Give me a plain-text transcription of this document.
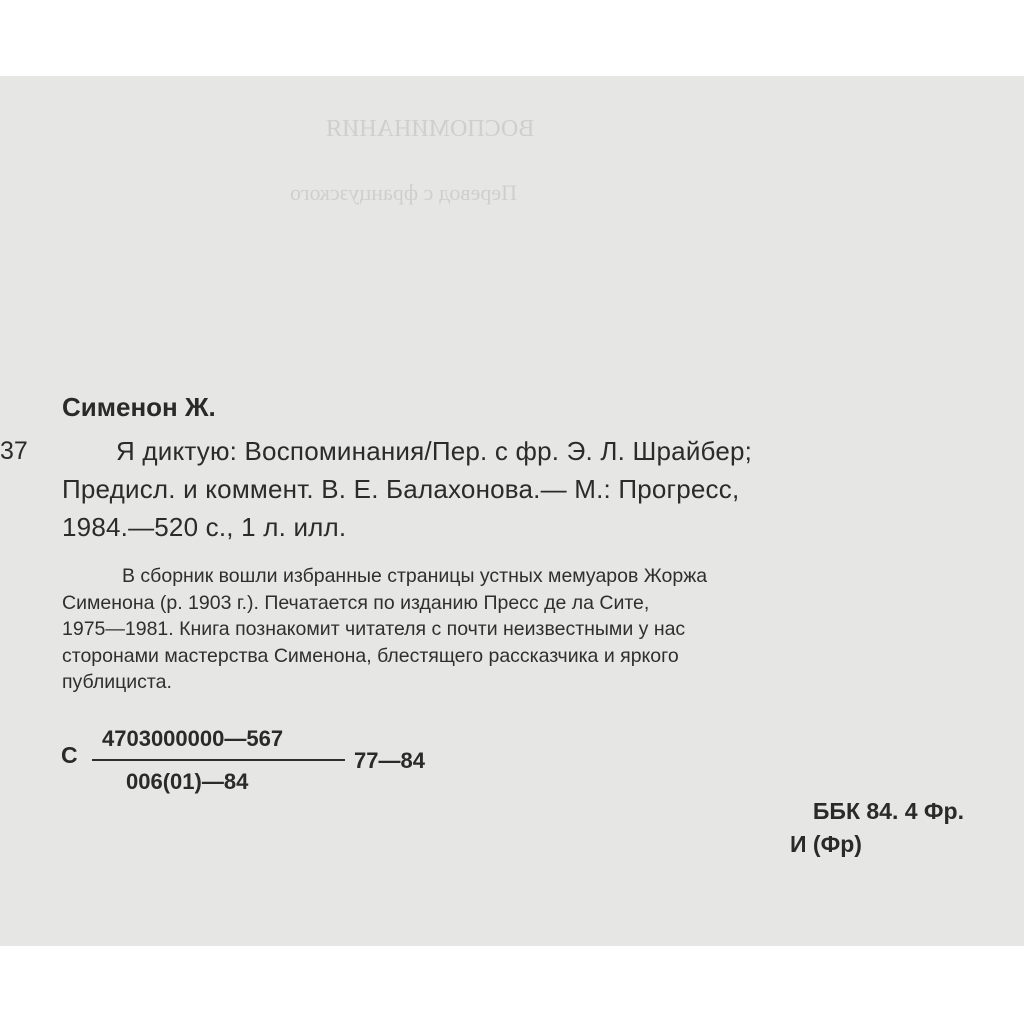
ВОСПОМИНАНИЯ
Перевод с французского
Сименон Ж.
37	Я диктую: Воспоминания/Пер. с фр. Э. Л. Шрайбер;
Предисл. и коммент. В. Е. Балахонова.— М.: Прогресс,
1984.—520 с., 1 л. илл.
В сборник вошли избранные страницы устных мемуаров Жоржа
Сименона (р. 1903 г.). Печатается по изданию Пресс де ла Сите,
1975—1981. Книга познакомит читателя с почти неизвестными у нас
сторонами мастерства Сименона, блестящего рассказчика и яркого
публициста.
С
4703000000—567
006(01)—84
77—84
ББК 84. 4 Фр.
И (Фр)
